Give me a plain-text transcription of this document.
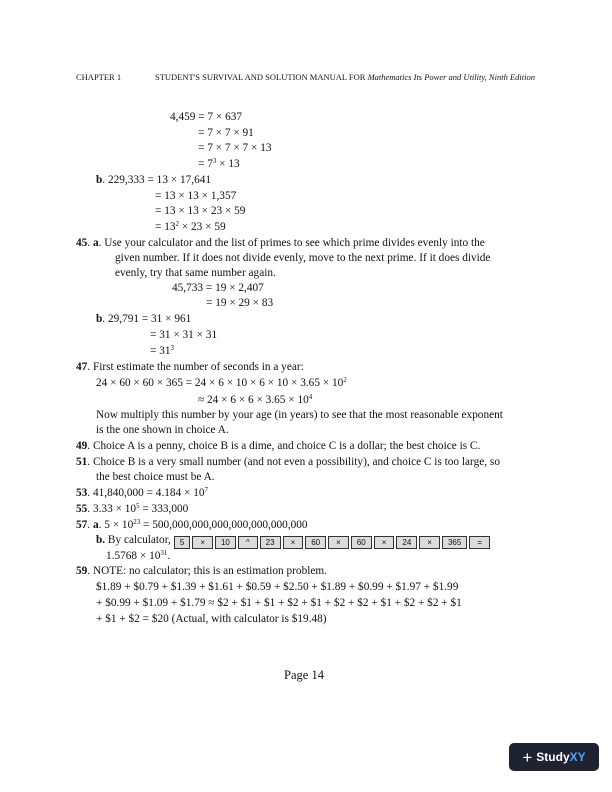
CHAPTER 1	STUDENT'S SURVIVAL AND SOLUTION MANUAL FOR Mathematics Its Power and Utility, Ninth Edition
4,459 = 7 × 637
= 7 × 7 × 91
= 7 × 7 × 7 × 13
= $7^3 \times 13$
b. 229,333 = 13 × 17,641
= 13 × 13 × 1,357
= 13 × 13 × 23 × 59
= $13^2 \times 23 \times 59$
45. a. Use your calculator and the list of primes to see which prime divides evenly into the
given number. If it does not divide evenly, move to the next prime. If it does divide
evenly, try that same number again.
45,733 = 19 × 2,407
= 19 × 29 × 83
b. 29,791 = 31 × 961
= 31 × 31 × 31
= $31^3$
47. First estimate the number of seconds in a year:
$24 \times 60 \times 60 \times 365 = 24 \times 6 \times 10 \times 6 \times 10 \times 3.65 \times 10^2$
≈ $24 \times 6 \times 6 \times 3.65 \times 10^4$
Now multiply this number by your age (in years) to see that the most reasonable exponent
is the one shown in choice A.
49. Choice A is a penny, choice B is a dime, and choice C is a dollar; the best choice is C.
51. Choice B is a very small number (and not even a possibility), and choice C is too large, so
the best choice must be A.
53. $41,840,000 = 4.184 \times 10^7$
55. $3.33 \times 10^5 = 333,000$
57. a. $5 \times 10^{23} = 500,000,000,000,000,000,000,000$
b. By calculator,	5	×	10	^	23	×	60	×	60	×	24	×	365	=
$1.5768 \times 10^{31}$.
59. NOTE: no calculator; this is an estimation problem.
$1.89 + $0.79 + $1.39 + $1.61 + $0.59 + $2.50 + $1.89 + $0.99 + $1.97 + $1.99
+ $0.99 + $1.09 + $1.79 ≈ $2 + $1 + $1 + $2 + $1 + $2 + $2 + $1 + $2 + $2 + $1
+ $1 + $2 = $20 (Actual, with calculator is $19.48)
Page 14
+ StudyXY
